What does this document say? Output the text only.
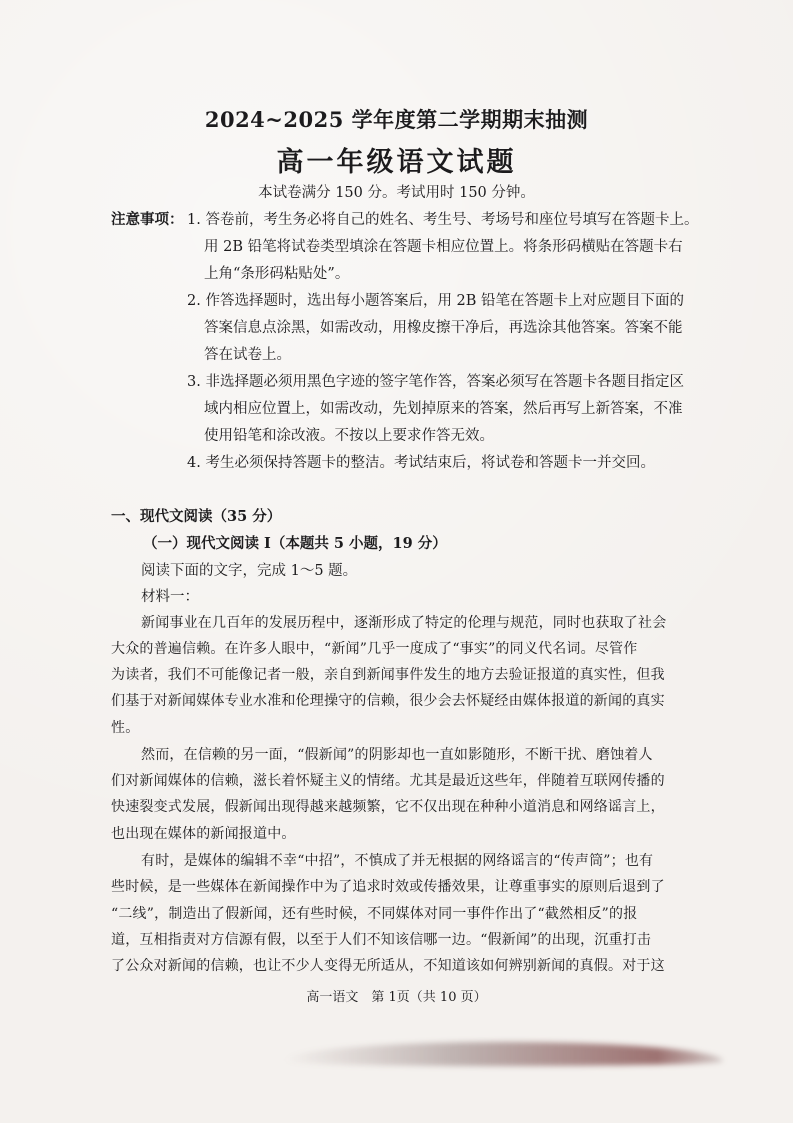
2024~2025 学年度第二学期期末抽测
高一年级语文试题
本试卷满分 150 分。考试用时 150 分钟。
注意事项： 1. 答卷前，考生务必将自己的姓名、考生号、考场号和座位号填写在答题卡上。
用 2B 铅笔将试卷类型填涂在答题卡相应位置上。将条形码横贴在答题卡右
上角“条形码粘贴处”。
2. 作答选择题时，选出每小题答案后，用 2B 铅笔在答题卡上对应题目下面的
答案信息点涂黑，如需改动，用橡皮擦干净后，再选涂其他答案。答案不能
答在试卷上。
3. 非选择题必须用黑色字迹的签字笔作答，答案必须写在答题卡各题目指定区
域内相应位置上，如需改动，先划掉原来的答案，然后再写上新答案，不准
使用铅笔和涂改液。不按以上要求作答无效。
4. 考生必须保持答题卡的整洁。考试结束后，将试卷和答题卡一并交回。
一、现代文阅读（35 分）
（一）现代文阅读 I（本题共 5 小题，19 分）
阅读下面的文字，完成 1～5 题。
材料一：
新闻事业在几百年的发展历程中，逐渐形成了特定的伦理与规范，同时也获取了社会
大众的普遍信赖。在许多人眼中，“新闻”几乎一度成了“事实”的同义代名词。尽管作
为读者，我们不可能像记者一般，亲自到新闻事件发生的地方去验证报道的真实性，但我
们基于对新闻媒体专业水准和伦理操守的信赖，很少会去怀疑经由媒体报道的新闻的真实
性。
然而，在信赖的另一面，“假新闻”的阴影却也一直如影随形，不断干扰、磨蚀着人
们对新闻媒体的信赖，滋长着怀疑主义的情绪。尤其是最近这些年，伴随着互联网传播的
快速裂变式发展，假新闻出现得越来越频繁，它不仅出现在种种小道消息和网络谣言上，
也出现在媒体的新闻报道中。
有时，是媒体的编辑不幸“中招”，不慎成了并无根据的网络谣言的“传声筒”；也有
些时候，是一些媒体在新闻操作中为了追求时效或传播效果，让尊重事实的原则后退到了
“二线”，制造出了假新闻，还有些时候，不同媒体对同一事件作出了“截然相反”的报
道，互相指责对方信源有假，以至于人们不知该信哪一边。“假新闻”的出现，沉重打击
了公众对新闻的信赖，也让不少人变得无所适从，不知道该如何辨别新闻的真假。对于这
高一语文　第 1页（共 10 页）
